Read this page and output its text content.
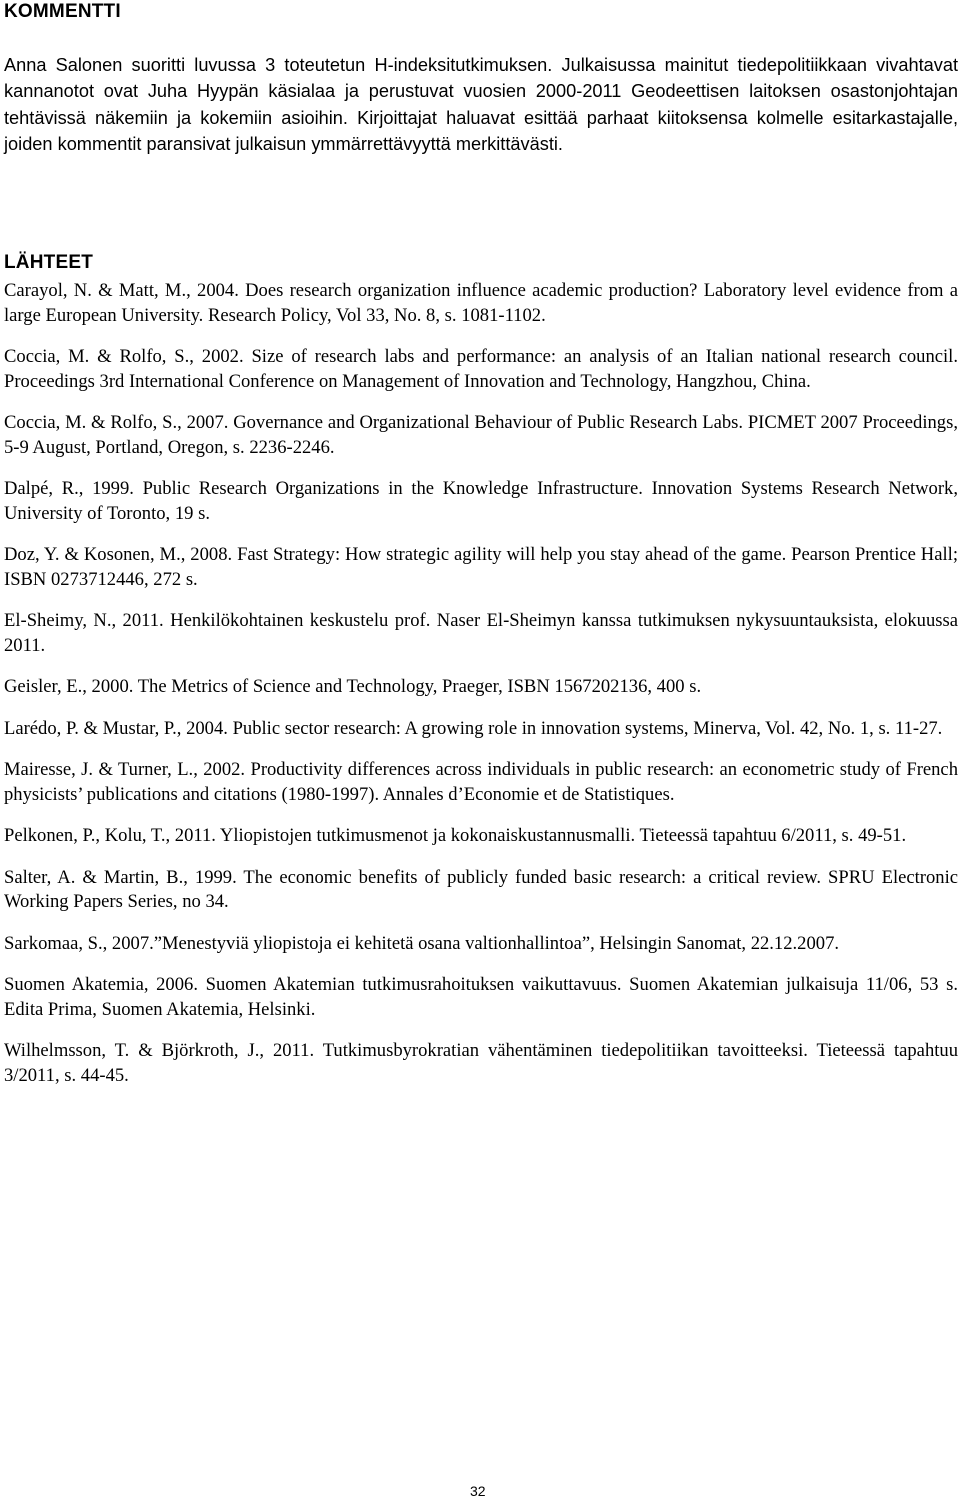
KOMMENTTI

Anna Salonen suoritti luvussa 3 toteutetun H-indeksitutkimuksen. Julkaisussa mainitut tiedepolitiikkaan vivahtavat kannanotot ovat Juha Hyypän käsialaa ja perustuvat vuosien 2000-2011 Geodeettisen laitoksen osastonjohtajan tehtävissä näkemiin ja kokemiin asioihin. Kirjoittajat haluavat esittää parhaat kiitoksensa kolmelle esitarkastajalle, joiden kommentit paransivat julkaisun ymmärrettävyyttä merkittävästi.

LÄHTEET
Carayol, N. & Matt, M., 2004. Does research organization influence academic production? Laboratory level evidence from a large European University. Research Policy, Vol 33, No. 8, s. 1081-1102.
Coccia, M. & Rolfo, S., 2002. Size of research labs and performance: an analysis of an Italian national research council. Proceedings 3rd International Conference on Management of Innovation and Technology, Hangzhou, China.
Coccia, M. & Rolfo, S., 2007. Governance and Organizational Behaviour of Public Research Labs. PICMET 2007 Proceedings, 5-9 August, Portland, Oregon, s. 2236-2246.
Dalpé, R., 1999. Public Research Organizations in the Knowledge Infrastructure. Innovation Systems Research Network, University of Toronto, 19 s.
Doz, Y. & Kosonen, M., 2008. Fast Strategy: How strategic agility will help you stay ahead of the game. Pearson Prentice Hall; ISBN 0273712446, 272 s.
El-Sheimy, N., 2011. Henkilökohtainen keskustelu prof. Naser El-Sheimyn kanssa tutkimuksen nykysuuntauksista, elokuussa 2011.
Geisler, E., 2000. The Metrics of Science and Technology, Praeger, ISBN 1567202136, 400 s.
Larédo, P. & Mustar, P., 2004. Public sector research: A growing role in innovation systems, Minerva, Vol. 42, No. 1, s. 11-27.
Mairesse, J. & Turner, L., 2002. Productivity differences across individuals in public research: an econometric study of French physicists’ publications and citations (1980-1997). Annales d’Economie et de Statistiques.
Pelkonen, P., Kolu, T., 2011. Yliopistojen tutkimusmenot ja kokonaiskustannusmalli. Tieteessä tapahtuu 6/2011, s. 49-51.
Salter, A. & Martin, B., 1999. The economic benefits of publicly funded basic research: a critical review. SPRU Electronic Working Papers Series, no 34.
Sarkomaa, S., 2007.”Menestyviä yliopistoja ei kehitetä osana valtionhallintoa”, Helsingin Sanomat, 22.12.2007.
Suomen Akatemia, 2006. Suomen Akatemian tutkimusrahoituksen vaikuttavuus. Suomen Akatemian julkaisuja 11/06, 53 s. Edita Prima, Suomen Akatemia, Helsinki.
Wilhelmsson, T. & Björkroth, J., 2011. Tutkimusbyrokratian vähentäminen tiedepolitiikan tavoitteeksi. Tieteessä tapahtuu 3/2011, s. 44-45.
32
